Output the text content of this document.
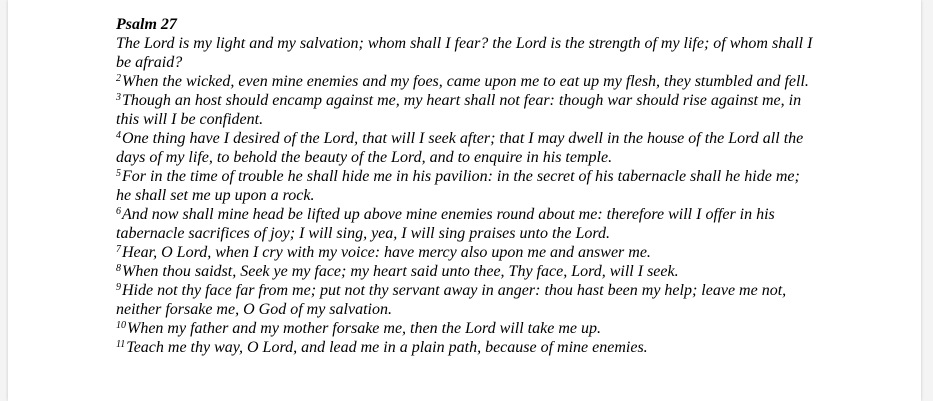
Psalm 27
The Lord is my light and my salvation; whom shall I fear? the Lord is the strength of my life; of whom shall I be afraid?
$^2$When the wicked, even mine enemies and my foes, came upon me to eat up my flesh, they stumbled and fell.
$^3$Though an host should encamp against me, my heart shall not fear: though war should rise against me, in this will I be confident.
$^4$One thing have I desired of the Lord, that will I seek after; that I may dwell in the house of the Lord all the days of my life, to behold the beauty of the Lord, and to enquire in his temple.
$^5$For in the time of trouble he shall hide me in his pavilion: in the secret of his tabernacle shall he hide me; he shall set me up upon a rock.
$^6$And now shall mine head be lifted up above mine enemies round about me: therefore will I offer in his tabernacle sacrifices of joy; I will sing, yea, I will sing praises unto the Lord.
$^7$Hear, O Lord, when I cry with my voice: have mercy also upon me and answer me.
$^8$When thou saidst, Seek ye my face; my heart said unto thee, Thy face, Lord, will I seek.
$^9$Hide not thy face far from me; put not thy servant away in anger: thou hast been my help; leave me not, neither forsake me, O God of my salvation.
$^{10}$When my father and my mother forsake me, then the Lord will take me up.
$^{11}$Teach me thy way, O Lord, and lead me in a plain path, because of mine enemies.
